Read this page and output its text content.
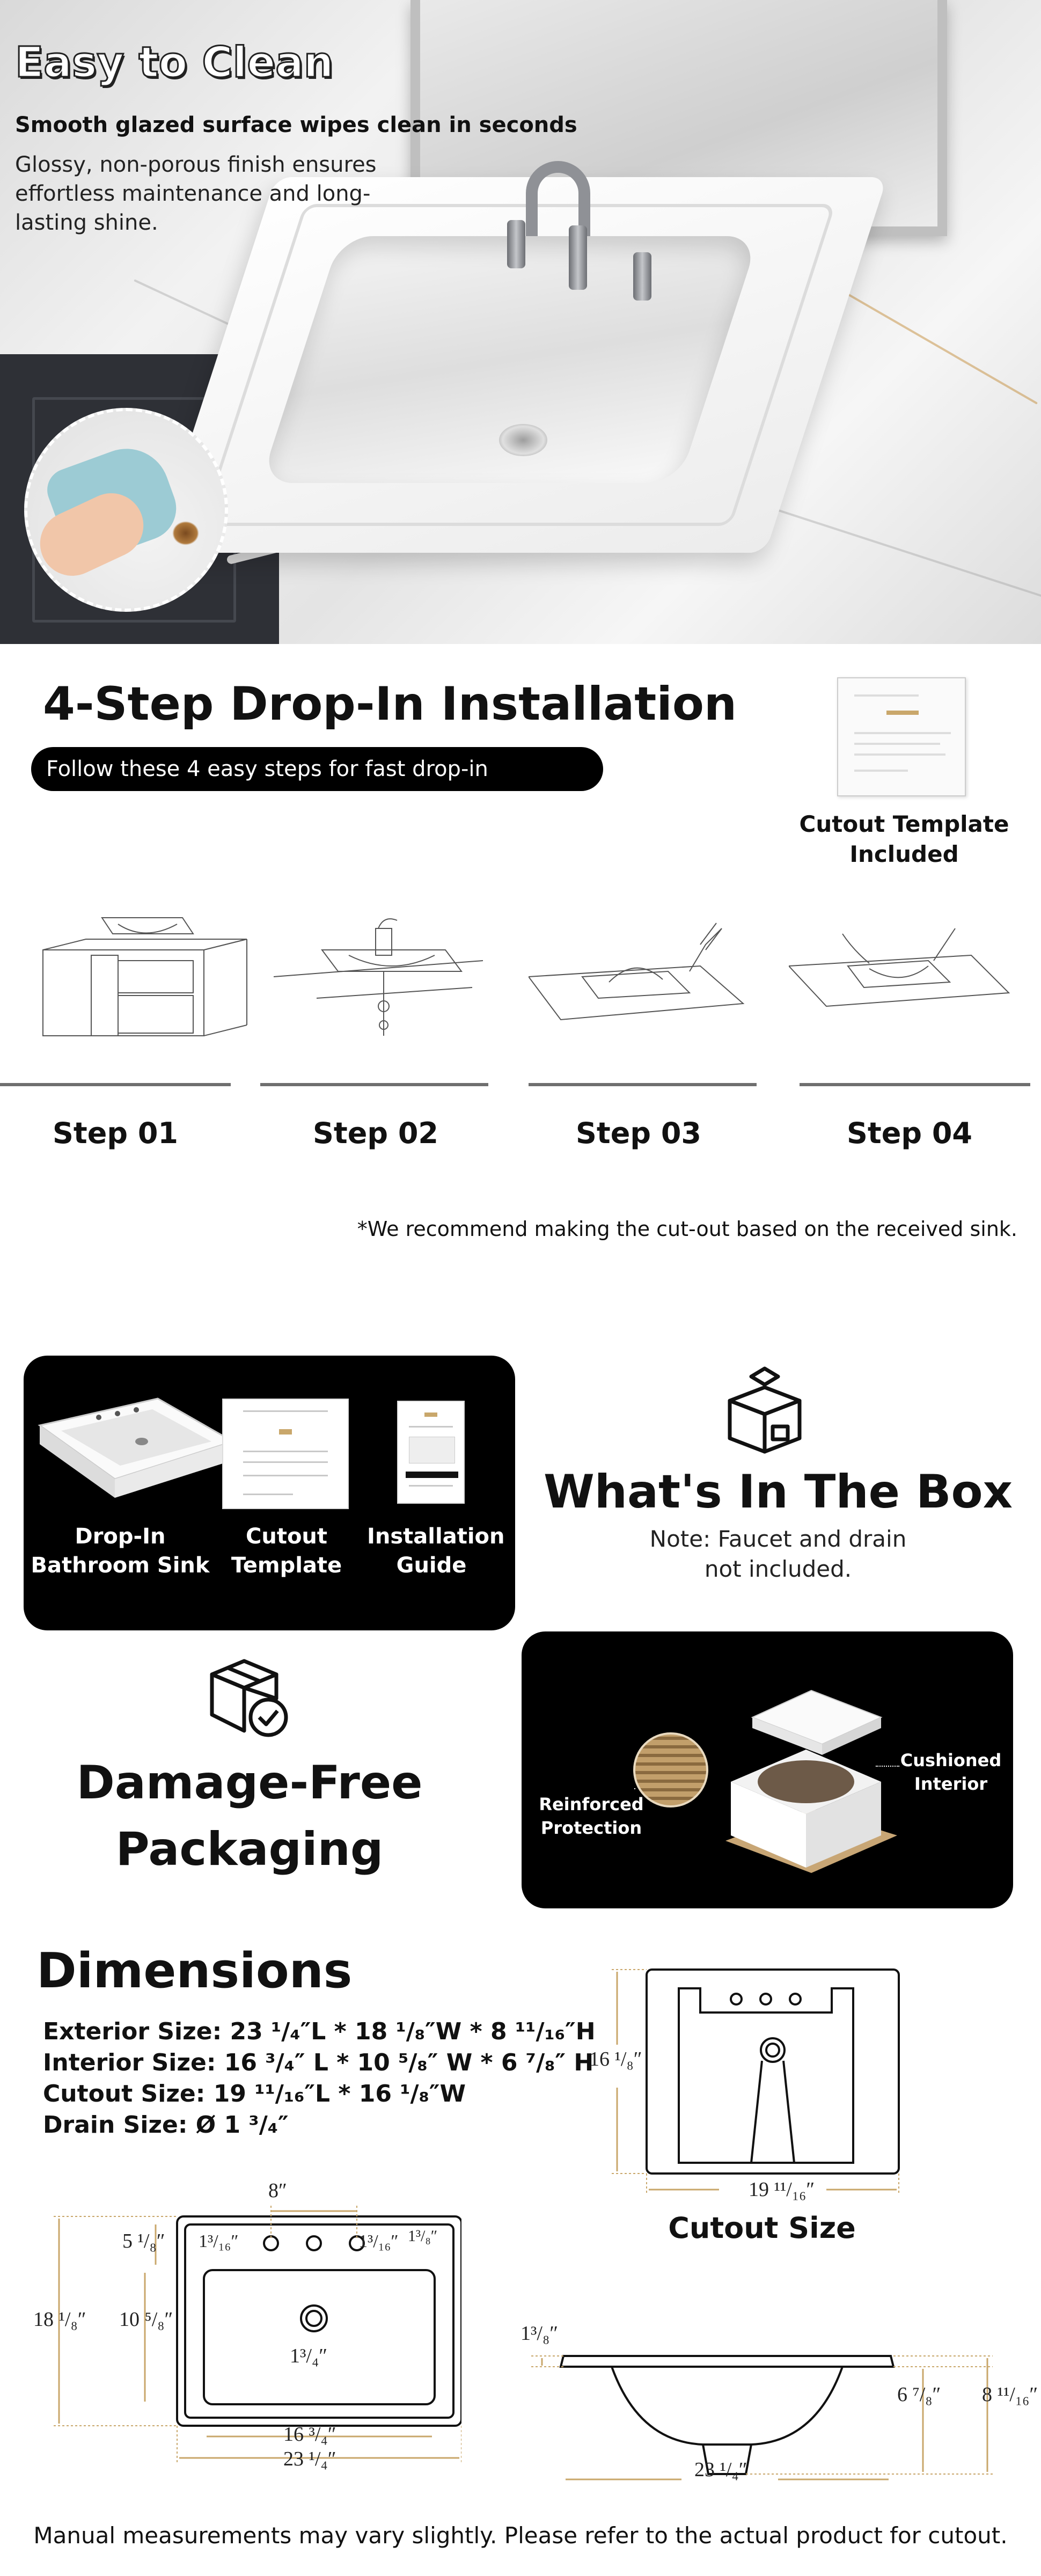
Easy to Clean
Smooth glazed surface wipes clean in seconds
Glossy, non-porous finish ensures effortless maintenance and long-lasting shine.
4-Step Drop-In Installation
Follow these 4 easy steps for fast drop-in installation	Cutout Template Included
Step 01	Step 02	Step 03	Step 04
*We recommend making the cut-out based on the received sink.
Drop-In Bathroom Sink
Cutout Template
Installation Guide
What's In The Box
Note: Faucet and drain not included.
Damage-Free Packaging
Reinforced Protection
Cushioned Interior
Dimensions
Exterior Size: 23 ¹/₄″L * 18 ¹/₈″W * 8 ¹¹/₁₆″H
Interior Size: 16 ³/₄″ L * 10 ⁵/₈″ W * 6 ⁷/₈″ H
Cutout Size: 19 ¹¹/₁₆″L * 16 ¹/₈″W
Drain Size: Ø 1 ³/₄″
16 ¹/₈″
19 ¹¹/₁₆″
Cutout Size
8″
1³/₁₆″	1³/₁₆″ 1³/₈″
5 ¹/₈″
1³/₄″
18 ¹/₈″ 10 ⁵/₈″
16 ³/₄″
23 ¹/₄″
1³/₈″
6 ⁷/₈″ 8 ¹¹/₁₆″
23 ¹/₄″
Manual measurements may vary slightly. Please refer to the actual product for cutout.
